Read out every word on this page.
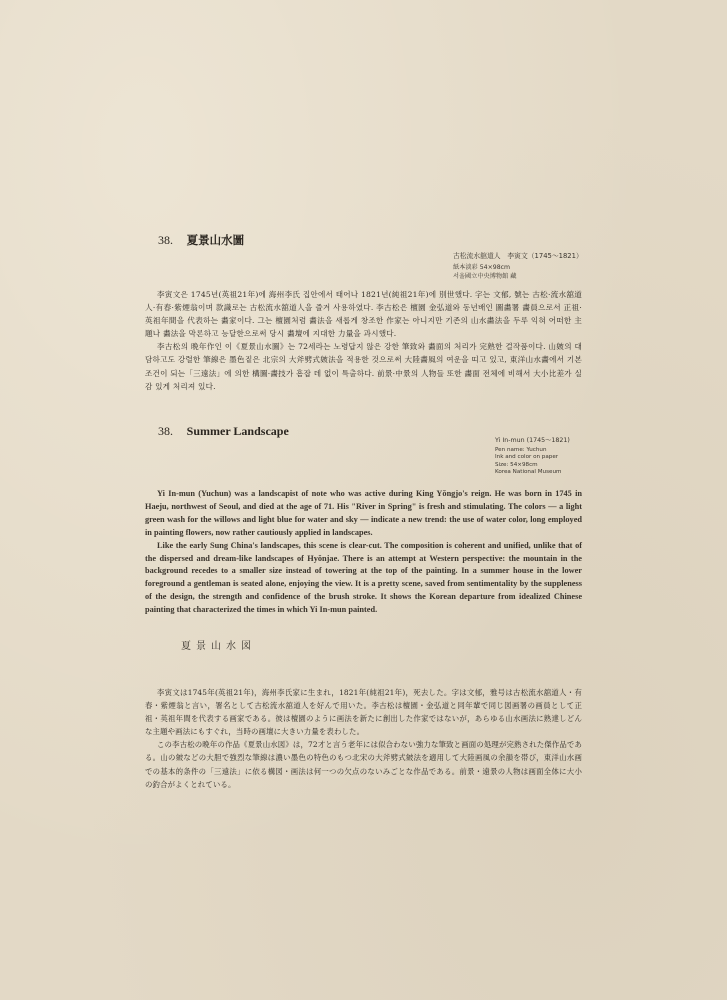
38. 夏景山水圖
古松流水舘道人　李寅文（1745～1821）
紙本淡彩 54×98cm
서울國立中央博物館 藏

李寅文은 1745년(英祖21年)에 海州李氏 집안에서 태어나 1821년(純祖21年)에 別世했다. 字는 文郁, 號는 古松·流水舘道人·有春·紫煙翁이며 款識로는 古松流水舘道人을 즐겨 사용하였다. 李古松은 檀園 金弘道와 동년배인 圖畵署 畵員으로서 正祖·英祖年間을 代表하는 畵家이다. 그는 檀園처럼 畵法을 새롭게 창조한 作家는 아니지만 기존의 山水畵法을 두루 익혀 어떠한 主題나 畵法을 막론하고 능달한으로써 당시 畵壇에 지대한 力量을 과시했다.

李古松의 晩年作인 이《夏景山水圖》는 72세라는 노령답지 않은 강한 筆致와 畵面의 처리가 完熟한 걸작품이다. 山皴의 대담하고도 강렬한 筆線은 墨色짙은 北宗의 大斧劈式皴法을 적용한 것으로써 大陸畵風의 여운을 띠고 있고, 東洋山水畵에서 기본조건이 되는「三遠法」에 의한 構圖·畵技가 흠잡 데 없이 특출하다. 前景·中景의 人物들 또한 畵面 전체에 비해서 大小比差가 실감 있게 처리져 있다.

38. Summer Landscape
Yi In-mun (1745～1821)
Pen name: Yuchun
Ink and color on paper
Size: 54×98cm
Korea National Museum

Yi In-mun (Yuchun) was a landscapist of note who was active during King Yŏngjo's reign. He was born in 1745 in Haeju, northwest of Seoul, and died at the age of 71. His "River in Spring" is fresh and stimulating. The colors — a light green wash for the willows and light blue for water and sky — indicate a new trend: the use of water color, long employed in painting flowers, now rather cautiously applied in landscapes.

Like the early Sung China's landscapes, this scene is clear-cut. The composition is coherent and unified, unlike that of the dispersed and dream-like landscapes of Hyŏnjae. There is an attempt at Western perspective: the mountain in the background recedes to a smaller size instead of towering at the top of the painting. In a summer house in the lower foreground a gentleman is seated alone, enjoying the view. It is a pretty scene, saved from sentimentality by the suppleness of the design, the strength and confidence of the brush stroke. It shows the Korean departure from idealized Chinese painting that characterized the times in which Yi In-mun painted.

夏景山水図

李寅文は1745年(英祖21年)，海州李氏家に生まれ，1821年(純祖21年)，死去した。字は文郁，雅号は古松流水舘道人・有春・紫煙翁と言い，署名として古松流水舘道人を好んで用いた。李古松は檀園・金弘道と同年輩で同じ図画署の画員として正祖・英祖年間を代表する画家である。彼は檀園のように画法を新たに創出した作家ではないが，あらゆる山水画法に熟達しどんな主題や画法にもすぐれ，当時の画壇に大きい力量を表わした。

この李古松の晩年の作品《夏景山水図》は，72才と言う老年には似合わない強力な筆致と画面の処理が完熟された傑作品である。山の皴などの大胆で強烈な筆線は濃い墨色の特色のもつ北宋の大斧劈式皴法を適用して大陸画風の余韻を帯び，東洋山水画での基本的条件の「三遠法」に依る構図・画法は何一つの欠点のないみごとな作品である。前景・遠景の人物は画面全体に大小の釣合がよくとれている。
